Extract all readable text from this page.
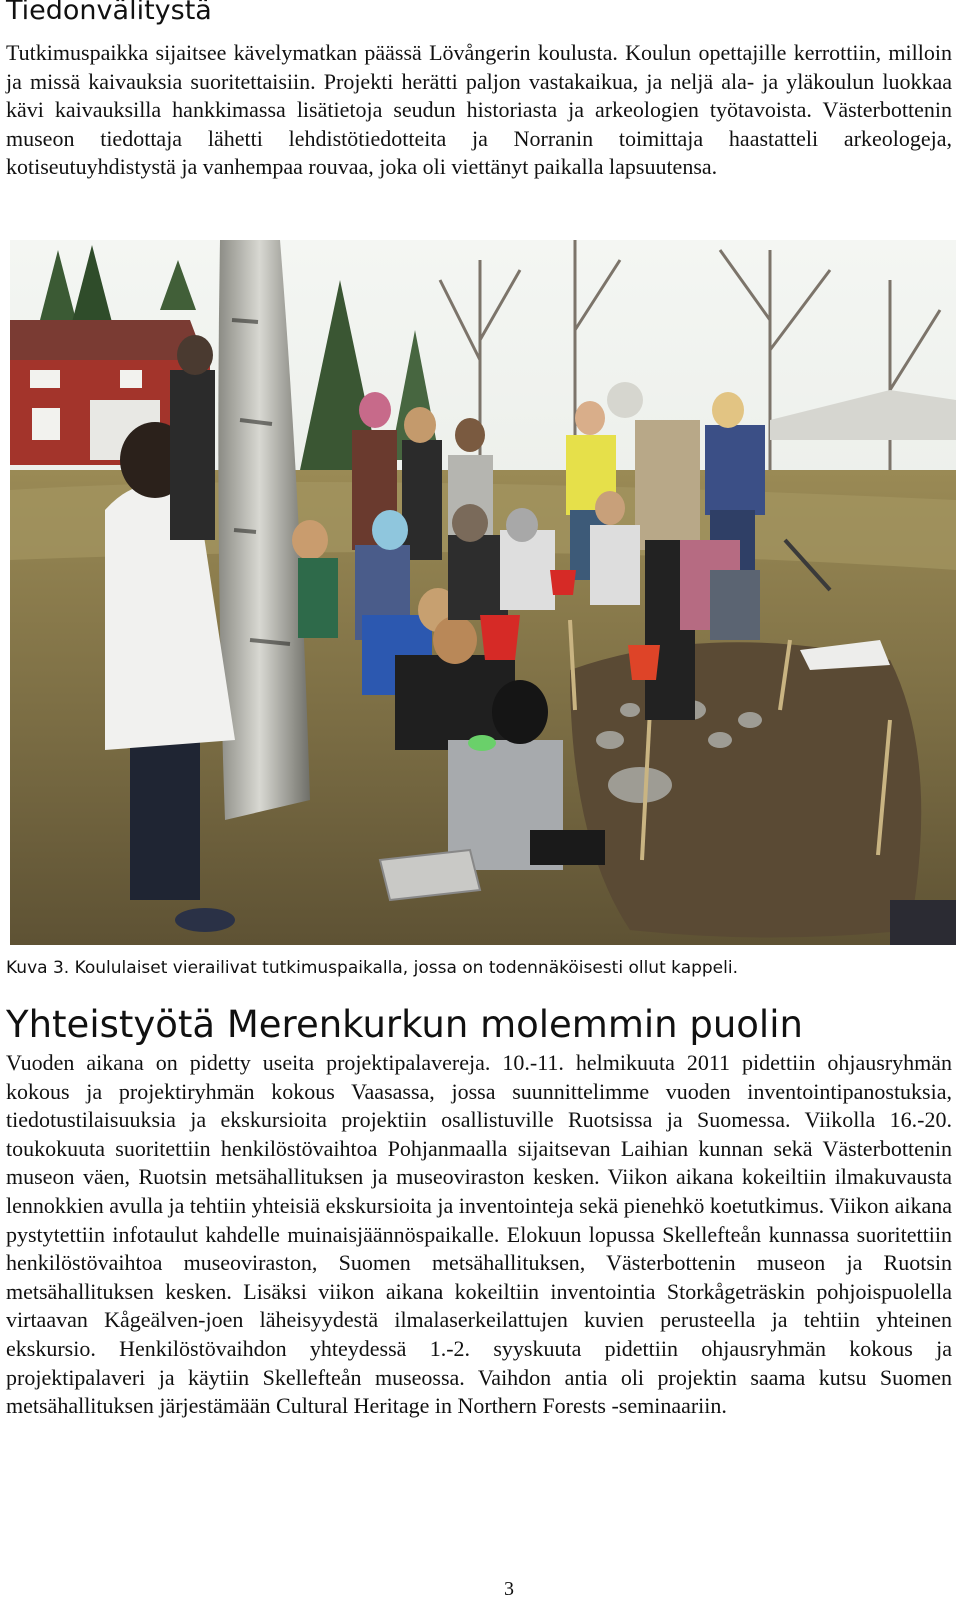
Tiedonvälitystä

Tutkimuspaikka sijaitsee kävelymatkan päässä Lövångerin koulusta. Koulun opettajille kerrottiin, milloin ja missä kaivauksia suoritettaisiin. Projekti herätti paljon vastakaikua, ja neljä ala- ja yläkoulun luokkaa kävi kaivauksilla hankkimassa lisätietoja seudun historiasta ja arkeologien työtavoista. Västerbottenin museon tiedottaja lähetti lehdistötiedotteita ja Norranin toimittaja haastatteli arkeologeja, kotiseutuyhdistystä ja vanhempaa rouvaa, joka oli viettänyt paikalla lapsuutensa.

Kuva 3. Koululaiset vierailivat tutkimuspaikalla, jossa on todennäköisesti ollut kappeli.

Yhteistyötä Merenkurkun molemmin puolin

Vuoden aikana on pidetty useita projektipalavereja. 10.-11. helmikuuta 2011 pidettiin ohjausryhmän kokous ja projektiryhmän kokous Vaasassa, jossa suunnittelimme vuoden inventointipanostuksia, tiedotustilaisuuksia ja ekskursioita projektiin osallistuville Ruotsissa ja Suomessa. Viikolla 16.-20. toukokuuta suoritettiin henkilöstövaihtoa Pohjanmaalla sijaitsevan Laihian kunnan sekä Västerbottenin museon väen, Ruotsin metsähallituksen ja museoviraston kesken. Viikon aikana kokeiltiin ilmakuvausta lennokkien avulla ja tehtiin yhteisiä ekskursioita ja inventointeja sekä pienehkö koetutkimus. Viikon aikana pystytettiin infotaulut kahdelle muinaisjäännöspaikalle. Elokuun lopussa Skellefteån kunnassa suoritettiin henkilöstövaihtoa museoviraston, Suomen metsähallituksen, Västerbottenin museon ja Ruotsin metsähallituksen kesken. Lisäksi viikon aikana kokeiltiin inventointia Storkågeträskin pohjoispuolella virtaavan Kågeälven-joen läheisyydestä ilmalaserkeilattujen kuvien perusteella ja tehtiin yhteinen ekskursio. Henkilöstövaihdon yhteydessä 1.-2. syyskuuta pidettiin ohjausryhmän kokous ja projektipalaveri ja käytiin Skellefteån museossa. Vaihdon antia oli projektin saama kutsu Suomen metsähallituksen järjestämään Cultural Heritage in Northern Forests -seminaariin.

3
